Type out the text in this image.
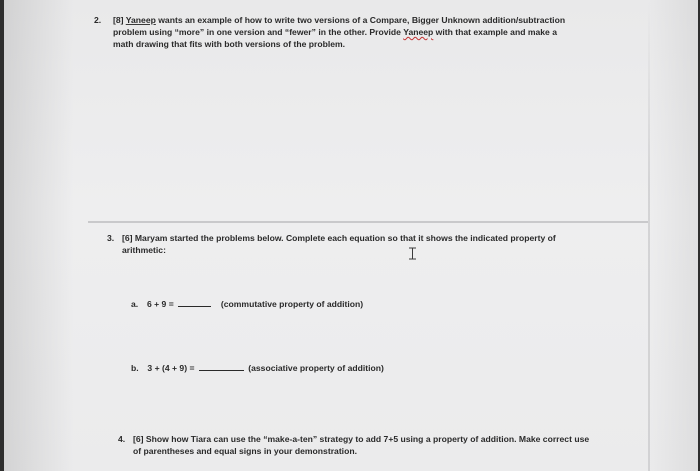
2. [8] Yaneep wants an example of how to write two versions of a Compare, Bigger Unknown addition/subtraction
problem using “more” in one version and “fewer” in the other. Provide Yaneep with that example and make a
math drawing that fits with both versions of the problem.
3. [6] Maryam started the problems below. Complete each equation so that it shows the indicated property of
arithmetic:
a. 6 + 9 =	(commutative property of addition)
b. 3 + (4 + 9) =	(associative property of addition)
4. [6] Show how Tiara can use the “make-a-ten” strategy to add 7+5 using a property of addition. Make correct use
of parentheses and equal signs in your demonstration.
